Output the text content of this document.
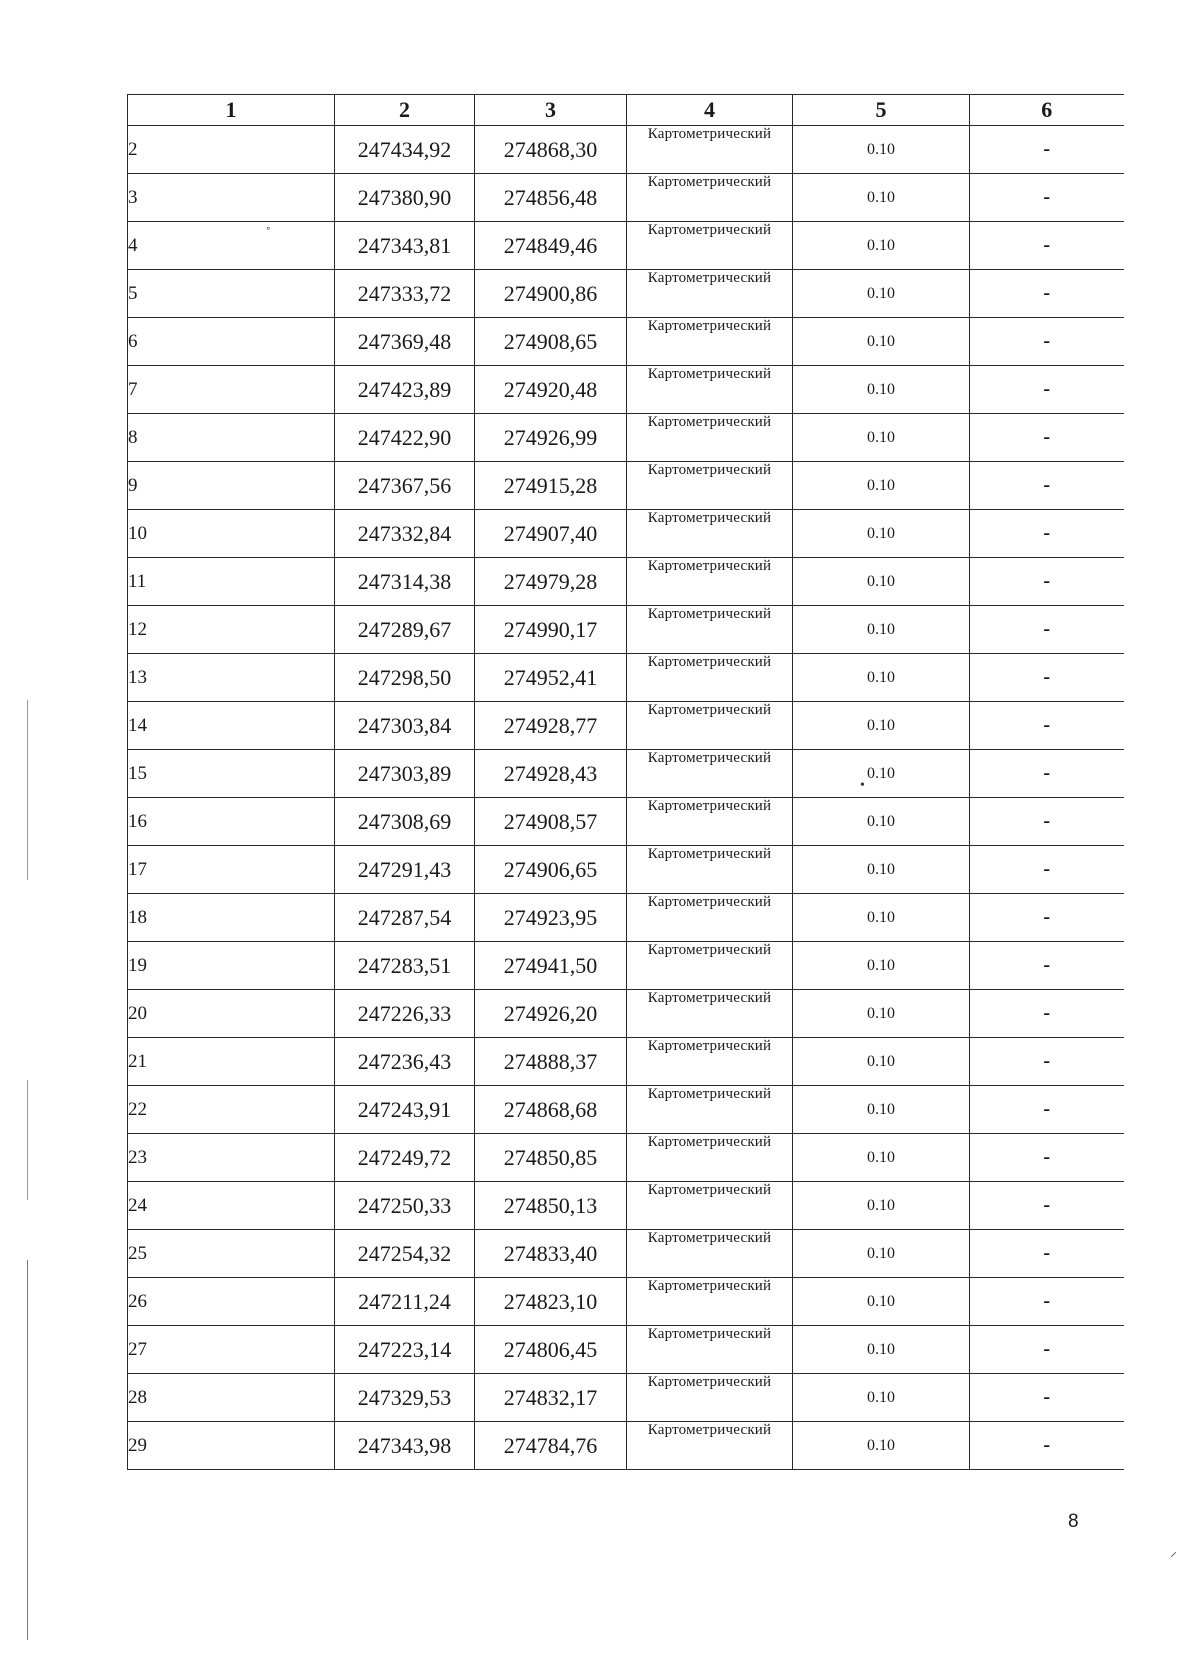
1	2	3	4	5	6
2	247434,92	274868,30	Картометрический	0.10	-
3	247380,90	274856,48	Картометрический	0.10	-
4	247343,81	274849,46	Картометрический	0.10	-
5	247333,72	274900,86	Картометрический	0.10	-
6	247369,48	274908,65	Картометрический	0.10	-
7	247423,89	274920,48	Картометрический	0.10	-
8	247422,90	274926,99	Картометрический	0.10	-
9	247367,56	274915,28	Картометрический	0.10	-
10	247332,84	274907,40	Картометрический	0.10	-
11	247314,38	274979,28	Картометрический	0.10	-
12	247289,67	274990,17	Картометрический	0.10	-
13	247298,50	274952,41	Картометрический	0.10	-
14	247303,84	274928,77	Картометрический	0.10	-
15	247303,89	274928,43	Картометрический	0.10	-
16	247308,69	274908,57	Картометрический	0.10	-
17	247291,43	274906,65	Картометрический	0.10	-
18	247287,54	274923,95	Картометрический	0.10	-
19	247283,51	274941,50	Картометрический	0.10	-
20	247226,33	274926,20	Картометрический	0.10	-
21	247236,43	274888,37	Картометрический	0.10	-
22	247243,91	274868,68	Картометрический	0.10	-
23	247249,72	274850,85	Картометрический	0.10	-
24	247250,33	274850,13	Картометрический	0.10	-
25	247254,32	274833,40	Картометрический	0.10	-
26	247211,24	274823,10	Картометрический	0.10	-
27	247223,14	274806,45	Картометрический	0.10	-
28	247329,53	274832,17	Картометрический	0.10	-
29	247343,98	274784,76	Картометрический	0.10	-
˚
•
⸝
8
